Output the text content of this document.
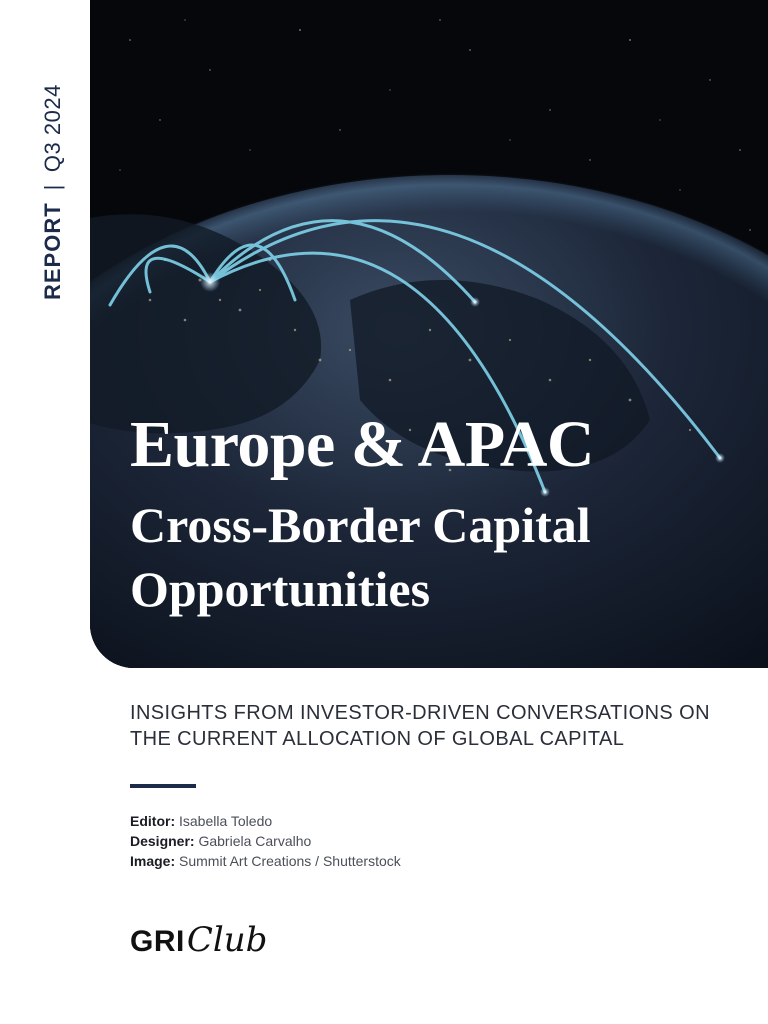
REPORT|Q3 2024
Europe & APAC
Cross-Border Capital Opportunities
INSIGHTS FROM INVESTOR-DRIVEN CONVERSATIONS ON THE CURRENT ALLOCATION OF GLOBAL CAPITAL
Editor: Isabella Toledo
Designer: Gabriela Carvalho
Image: Summit Art Creations / Shutterstock
GRI Club
